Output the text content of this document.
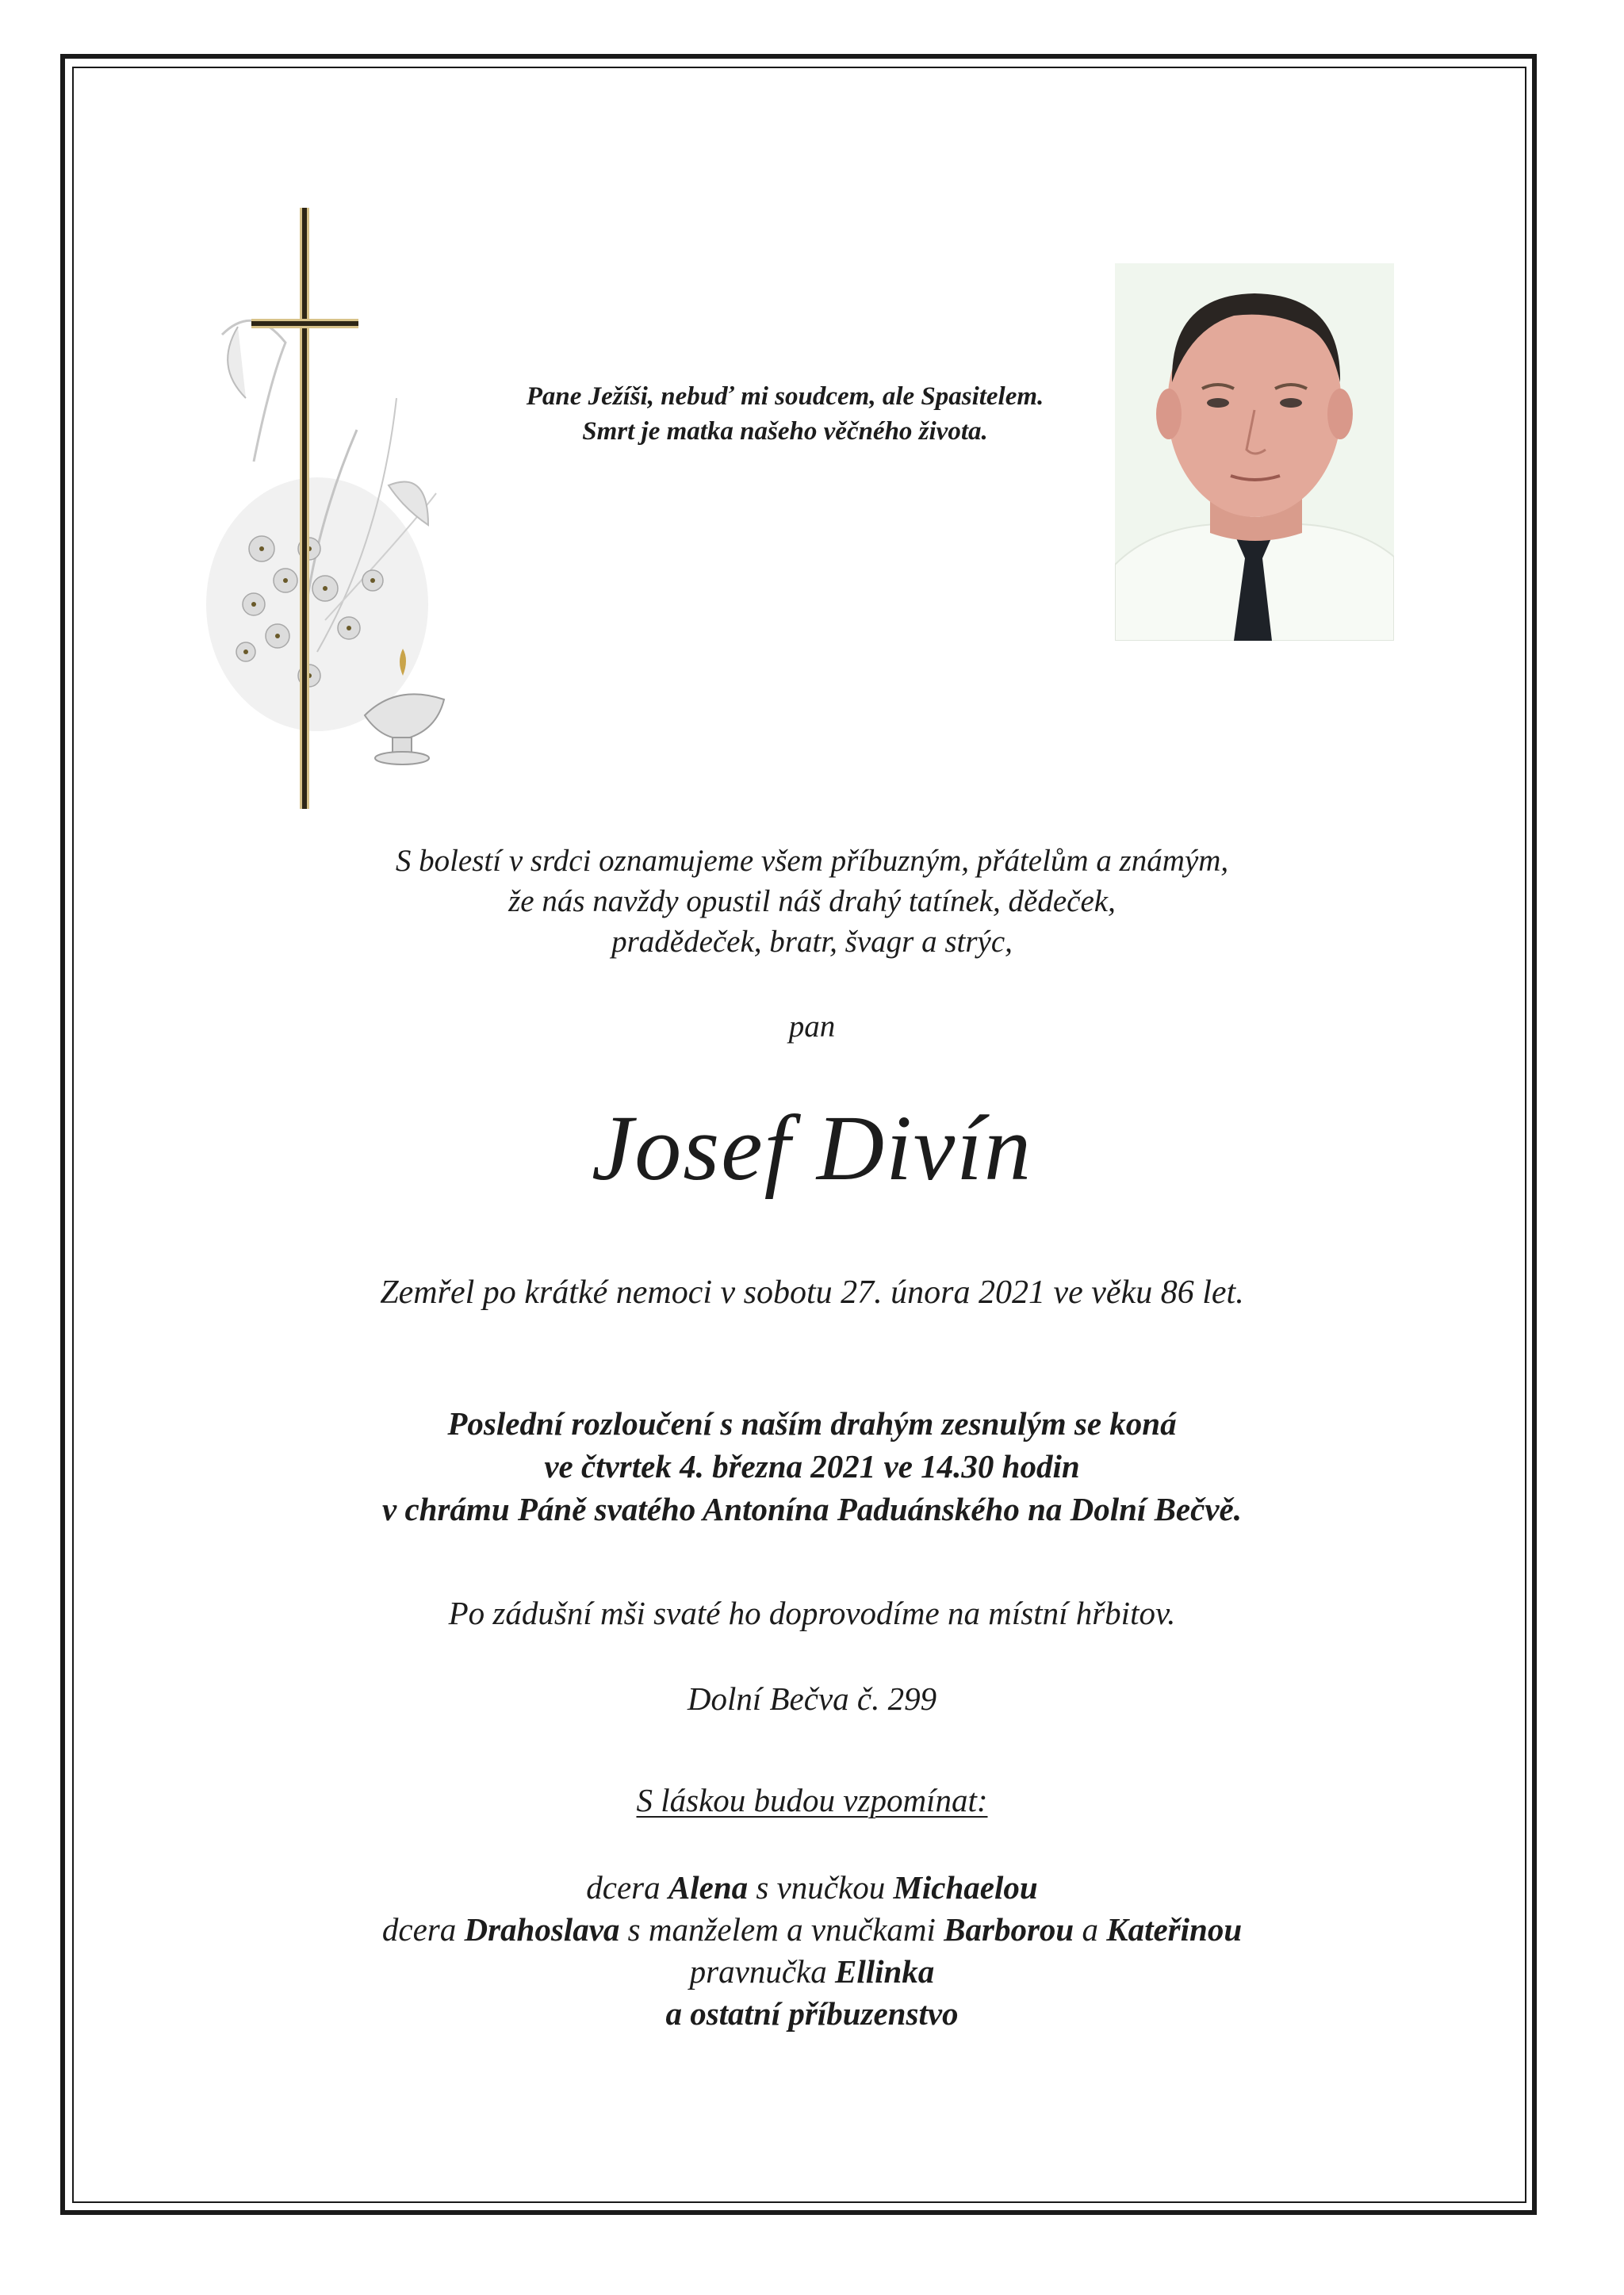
Pane Ježíši, nebuď mi soudcem, ale Spasitelem.
Smrt je matka našeho věčného života.
S bolestí v srdci oznamujeme všem příbuzným, přátelům a známým,
že nás navždy opustil náš drahý tatínek, dědeček,
pradědeček, bratr, švagr a strýc,
pan
Josef Divín
Zemřel po krátké nemoci v sobotu 27. února 2021 ve věku 86 let.
Poslední rozloučení s naším drahým zesnulým se koná
ve čtvrtek 4. března 2021 ve 14.30 hodin
v chrámu Páně svatého Antonína Paduánského na Dolní Bečvě.
Po zádušní mši svaté ho doprovodíme na místní hřbitov.
Dolní Bečva č. 299
S láskou budou vzpomínat:
dcera Alena s vnučkou Michaelou
dcera Drahoslava s manželem a vnučkami Barborou a Kateřinou
pravnučka Ellinka
a ostatní příbuzenstvo
